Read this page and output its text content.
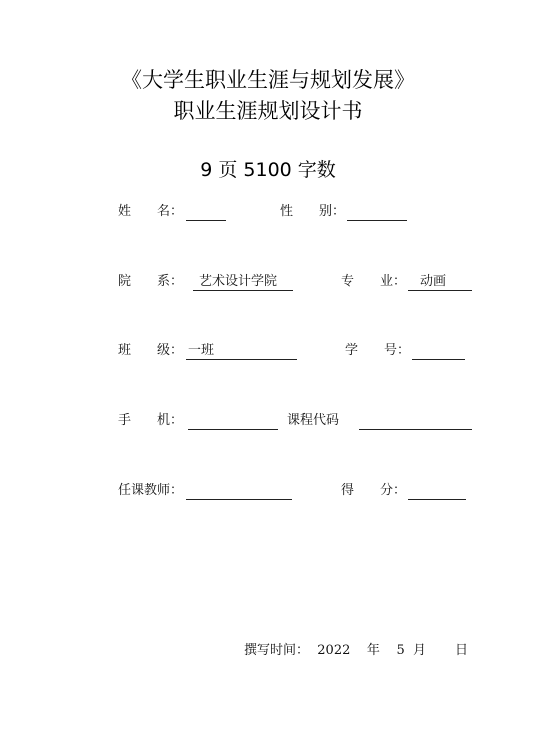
《大学生职业生涯与规划发展》
职业生涯规划设计书
9 页 5100 字数
姓　　名：	性　　别：
院　　系： 艺术设计学院	专　　业： 动画
班　　级： 一班	学　　号：
手　　机：	课程代码
任课教师：	得　　分：
撰写时间： 2022 年 5 月 日
